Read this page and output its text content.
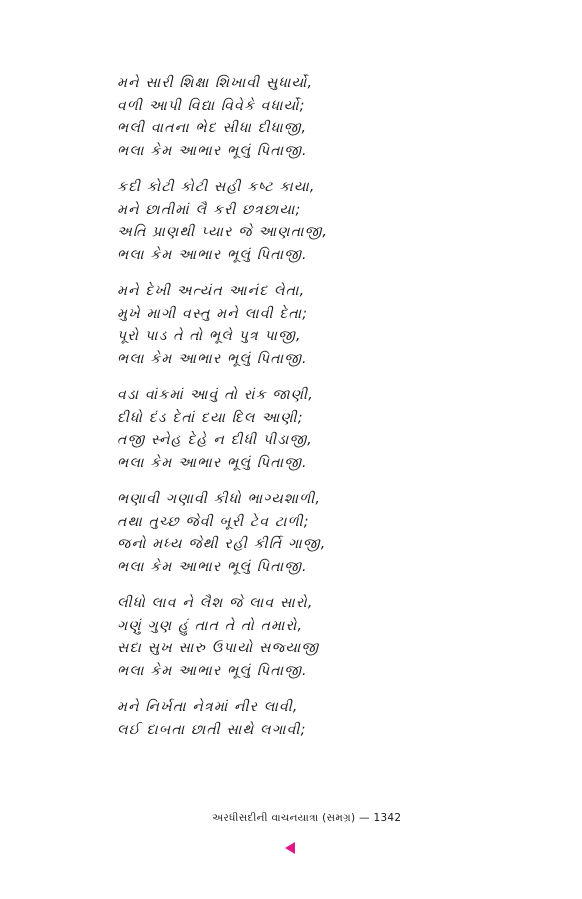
મને સારી શિક્ષા શિખાવી સુધાર્યો,
વળી આપી વિદ્યા વિવેકે વધાર્યો;
ભલી વાતના ભેદ સીધા દીધાજી,
ભલા કેમ આભાર ભૂલું પિતાજી.
કદી કોટી કોટી સહી કષ્ટ કાયા,
મને છાતીમાં લૈ કરી છત્રછાયા;
અતિ પ્રાણથી પ્યાર જે આણતાજી,
ભલા કેમ આભાર ભૂલું પિતાજી.
મને દેખી અત્યંત આનંદ લેતા,
મુખે માગી વસ્તુ મને લાવી દેતા;
પૂરો પાડ તે તો ભૂલે પુત્ર પાજી,
ભલા કેમ આભાર ભૂલું પિતાજી.
વડા વાંકમાં આવું તો રાંક જાણી,
દીધો દંડ દેતાં દયા દિલ આણી;
તજી સ્નેહ દેહે ન દીધી પીડાજી,
ભલા કેમ આભાર ભૂલું પિતાજી.
ભણાવી ગણાવી કીધો ભાગ્યશાળી,
તથા તુચ્છ જેવી બૂરી ટેવ ટાળી;
જનો મધ્ય જેથી રહી કીર્તિ ગાજી,
ભલા કેમ આભાર ભૂલું પિતાજી.
લીધો લાવ ને લૈશ જે લાવ સારો,
ગણું ગુણ હું તાત તે તો તમારો,
સદા સુખ સારુ ઉપાયો સજ્યાજી
ભલા કેમ આભાર ભૂલું પિતાજી.
મને નિર્ખતા નેત્રમાં નીર લાવી,
લઈ દાબતા છાતી સાથે લગાવી;
અરધીસદીની વાચનયાત્રા (સમગ્ર) — 1342
